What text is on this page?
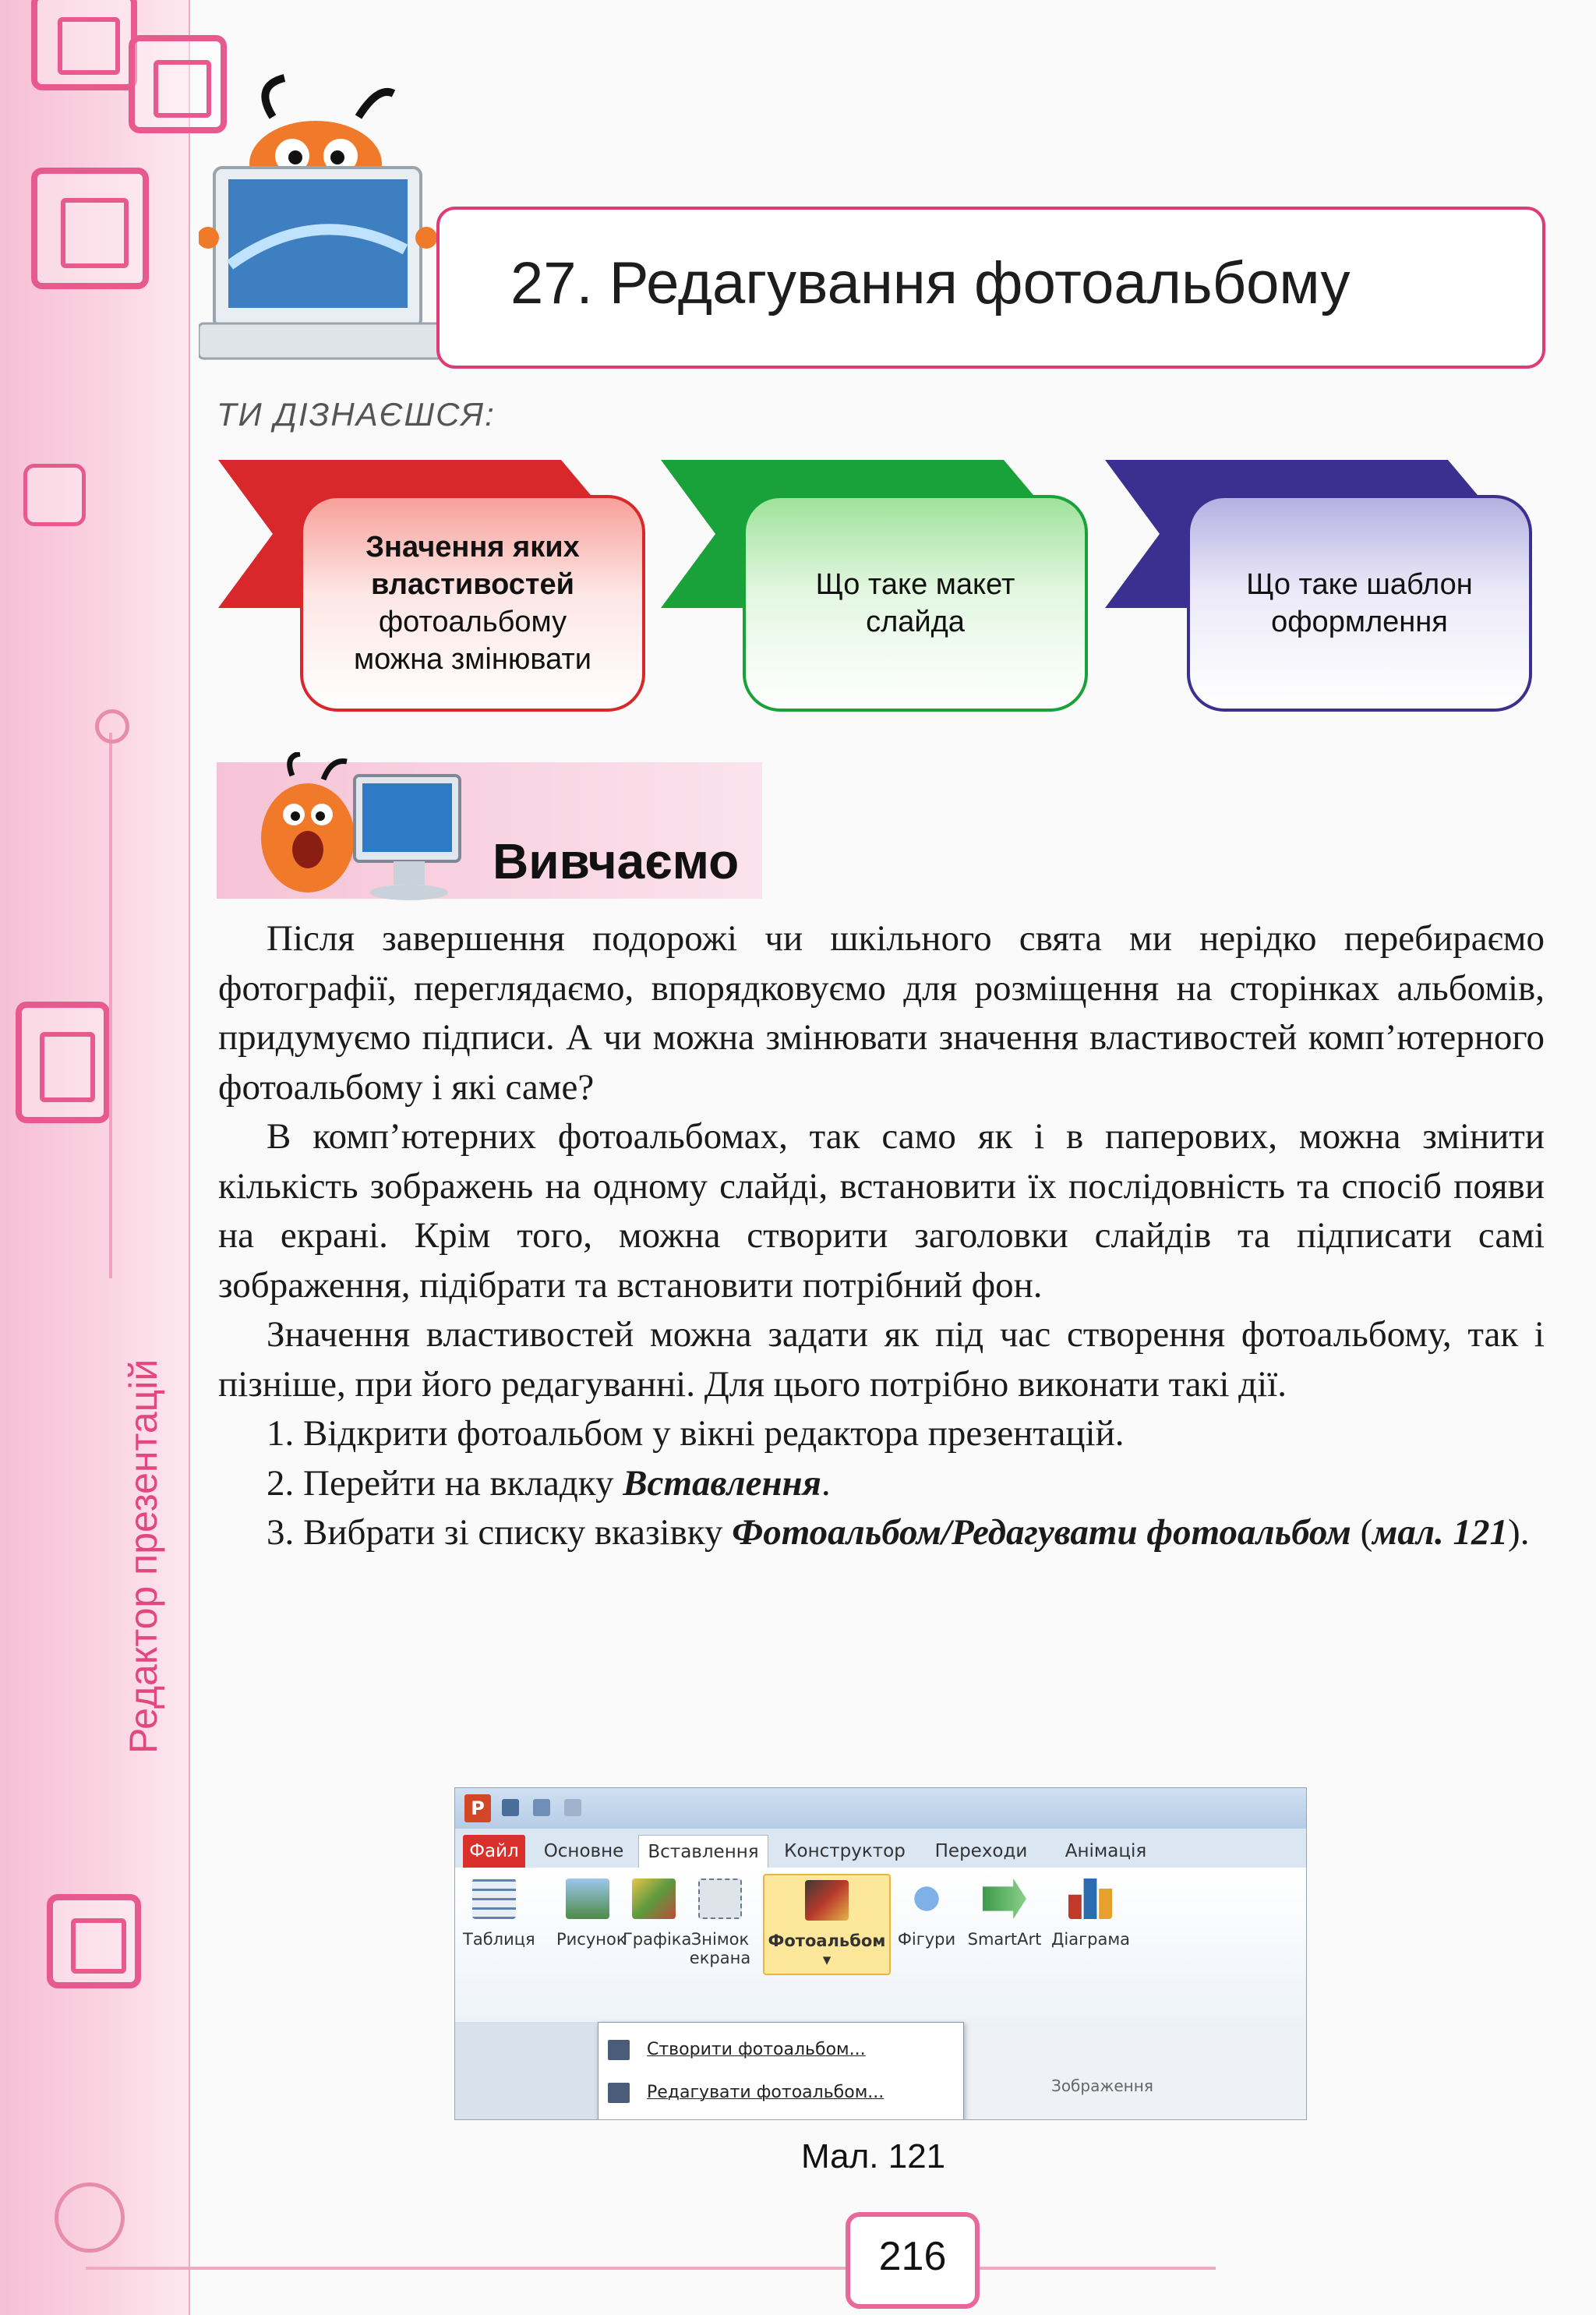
Редактор презентацій
27. Редагування фотоальбому
ТИ ДІЗНАЄШСЯ:
Значення яких
властивостей
фотоальбому
можна змінювати
Що таке макет
слайда
Що таке шаблон
оформлення
Вивчаємо

Після завершення подорожі чи шкільного свята ми нерідко перебираємо фотографії, переглядаємо, впорядковуємо для розміщення на сторінках альбомів, придумуємо підписи. А чи можна змінювати значення властивостей комп’ютерного фотоальбому і які саме?

В комп’ютерних фотоальбомах, так само як і в паперових, можна змінити кількість зображень на одному слайді, встановити їх послідовність та спосіб появи на екрані. Крім того, можна створити заголовки слайдів та підписати самі зображення, підібрати та встановити потрібний фон.

Значення властивостей можна задати як під час створення фотоальбому, так і пізніше, при його редагуванні. Для цього потрібно виконати такі дії.

1. Відкрити фотоальбом у вікні редактора презентацій.

2. Перейти на вкладку Вставлення.

3. Вибрати зі списку вказівку Фотоальбом/Редагувати фотоальбом (мал. 121).

P
Файл	Основне	Вставлення	Конструктор	Переходи	Анімація
Таблиця Рисунок
Графіка Знімок
екрана
Фотоальбом
▾
Фігури SmartArt Діаграма
Зображення
Створити фотоальбом...
Редагувати фотоальбом...
Мал. 121
216
